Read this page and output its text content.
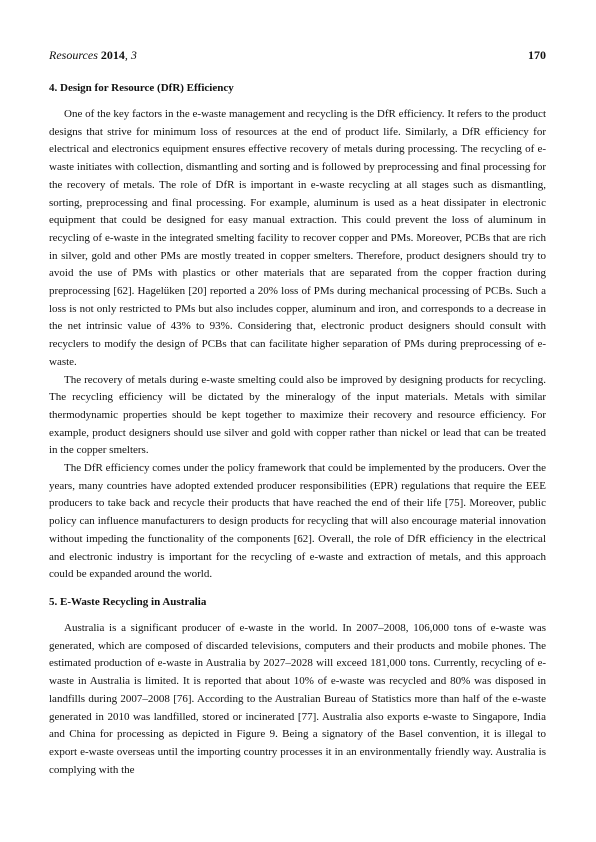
Resources 2014, 3	170
4. Design for Resource (DfR) Efficiency

One of the key factors in the e-waste management and recycling is the DfR efficiency. It refers to the product designs that strive for minimum loss of resources at the end of product life. Similarly, a DfR efficiency for electrical and electronics equipment ensures effective recovery of metals during processing. The recycling of e-waste initiates with collection, dismantling and sorting and is followed by preprocessing and final processing for the recovery of metals. The role of DfR is important in e-waste recycling at all stages such as dismantling, sorting, preprocessing and final processing. For example, aluminum is used as a heat dissipater in electronic equipment that could be designed for easy manual extraction. This could prevent the loss of aluminum in recycling of e-waste in the integrated smelting facility to recover copper and PMs. Moreover, PCBs that are rich in silver, gold and other PMs are mostly treated in copper smelters. Therefore, product designers should try to avoid the use of PMs with plastics or other materials that are separated from the copper fraction during preprocessing [62]. Hagelüken [20] reported a 20% loss of PMs during mechanical processing of PCBs. Such a loss is not only restricted to PMs but also includes copper, aluminum and iron, and corresponds to a decrease in the net intrinsic value of 43% to 93%. Considering that, electronic product designers should consult with recyclers to modify the design of PCBs that can facilitate higher separation of PMs during preprocessing of e-waste.

The recovery of metals during e-waste smelting could also be improved by designing products for recycling. The recycling efficiency will be dictated by the mineralogy of the input materials. Metals with similar thermodynamic properties should be kept together to maximize their recovery and resource efficiency. For example, product designers should use silver and gold with copper rather than nickel or lead that can be treated in the copper smelters.

The DfR efficiency comes under the policy framework that could be implemented by the producers. Over the years, many countries have adopted extended producer responsibilities (EPR) regulations that require the EEE producers to take back and recycle their products that have reached the end of their life [75]. Moreover, public policy can influence manufacturers to design products for recycling that will also encourage material innovation without impeding the functionality of the components [62]. Overall, the role of DfR efficiency in the electrical and electronic industry is important for the recycling of e-waste and extraction of metals, and this approach could be expanded around the world.

5. E-Waste Recycling in Australia

Australia is a significant producer of e-waste in the world. In 2007–2008, 106,000 tons of e-waste was generated, which are composed of discarded televisions, computers and their products and mobile phones. The estimated production of e-waste in Australia by 2027–2028 will exceed 181,000 tons. Currently, recycling of e-waste in Australia is limited. It is reported that about 10% of e-waste was recycled and 80% was disposed in landfills during 2007–2008 [76]. According to the Australian Bureau of Statistics more than half of the e-waste generated in 2010 was landfilled, stored or incinerated [77]. Australia also exports e-waste to Singapore, India and China for processing as depicted in Figure 9. Being a signatory of the Basel convention, it is illegal to export e-waste overseas until the importing country processes it in an environmentally friendly way. Australia is complying with the
